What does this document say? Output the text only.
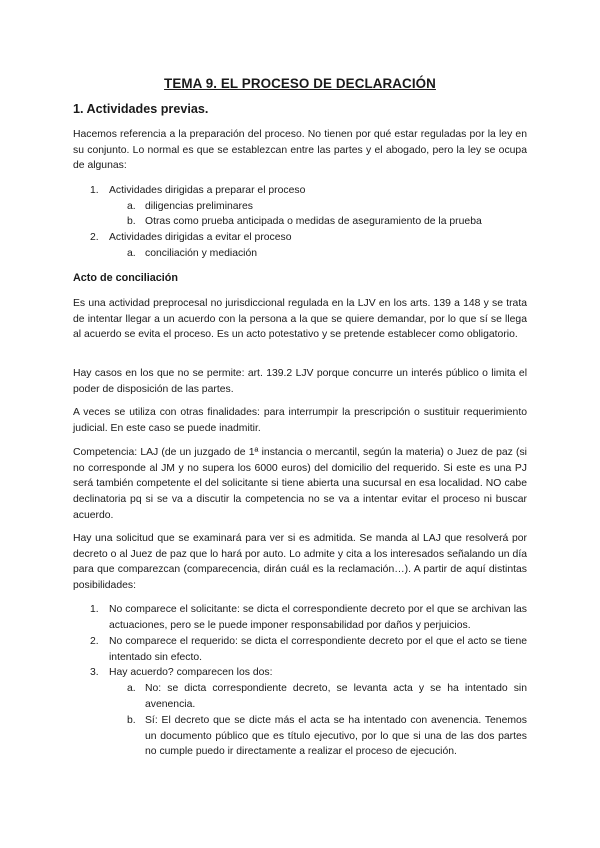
TEMA 9. EL PROCESO DE DECLARACIÓN
1. Actividades previas.
Hacemos referencia a la preparación del proceso. No tienen por qué estar reguladas por la ley en su conjunto. Lo normal es que se establezcan entre las partes y el abogado, pero la ley se ocupa de algunas:
1. Actividades dirigidas a preparar el proceso
a. diligencias preliminares
b. Otras como prueba anticipada o medidas de aseguramiento de la prueba
2. Actividades dirigidas a evitar el proceso
a. conciliación y mediación
Acto de conciliación
Es una actividad preprocesal no jurisdiccional regulada en la LJV en los arts. 139 a 148 y se trata de intentar llegar a un acuerdo con la persona a la que se quiere demandar, por lo que sí se llega al acuerdo se evita el proceso. Es un acto potestativo y se pretende establecer como obligatorio.
Hay casos en los que no se permite: art. 139.2 LJV porque concurre un interés público o limita el poder de disposición de las partes.
A veces se utiliza con otras finalidades: para interrumpir la prescripción o sustituir requerimiento judicial. En este caso se puede inadmitir.
Competencia: LAJ (de un juzgado de 1ª instancia o mercantil, según la materia) o Juez de paz (si no corresponde al JM y no supera los 6000 euros) del domicilio del requerido. Si este es una PJ será también competente el del solicitante si tiene abierta una sucursal en esa localidad. NO cabe declinatoria pq si se va a discutir la competencia no se va a intentar evitar el proceso ni buscar acuerdo.
Hay una solicitud que se examinará para ver si es admitida. Se manda al LAJ que resolverá por decreto o al Juez de paz que lo hará por auto. Lo admite y cita a los interesados señalando un día para que comparezcan (comparecencia, dirán cuál es la reclamación…). A partir de aquí distintas posibilidades:
1. No comparece el solicitante: se dicta el correspondiente decreto por el que se archivan las actuaciones, pero se le puede imponer responsabilidad por daños y perjuicios.
2. No comparece el requerido: se dicta el correspondiente decreto por el que el acto se tiene intentado sin efecto.
3. Hay acuerdo? comparecen los dos:
a. No: se dicta correspondiente decreto, se levanta acta y se ha intentado sin avenencia.
b. Sí: El decreto que se dicte más el acta se ha intentado con avenencia. Tenemos un documento público que es título ejecutivo, por lo que si una de las dos partes no cumple puedo ir directamente a realizar el proceso de ejecución.
